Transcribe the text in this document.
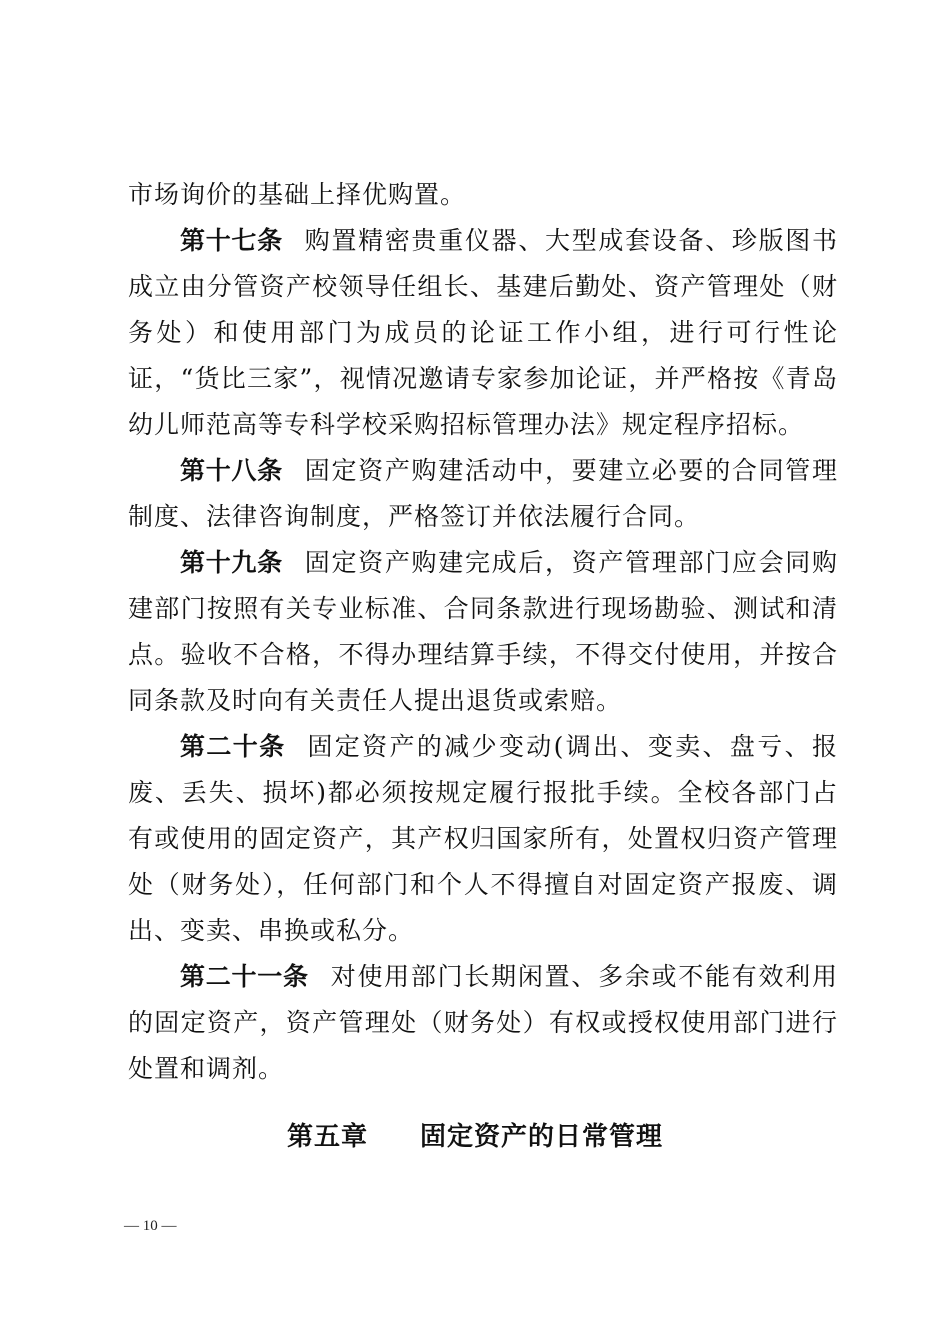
市场询价的基础上择优购置。

第十七条 购置精密贵重仪器、大型成套设备、珍版图书成立由分管资产校领导任组长、基建后勤处、资产管理处（财务处）和使用部门为成员的论证工作小组，进行可行性论证，“货比三家”，视情况邀请专家参加论证，并严格按《青岛幼儿师范高等专科学校采购招标管理办法》规定程序招标。

第十八条 固定资产购建活动中，要建立必要的合同管理制度、法律咨询制度，严格签订并依法履行合同。

第十九条 固定资产购建完成后，资产管理部门应会同购建部门按照有关专业标准、合同条款进行现场勘验、测试和清点。验收不合格，不得办理结算手续，不得交付使用，并按合同条款及时向有关责任人提出退货或索赔。

第二十条 固定资产的减少变动(调出、变卖、盘亏、报废、丢失、损坏)都必须按规定履行报批手续。全校各部门占有或使用的固定资产，其产权归国家所有，处置权归资产管理处（财务处），任何部门和个人不得擅自对固定资产报废、调出、变卖、串换或私分。

第二十一条 对使用部门长期闲置、多余或不能有效利用的固定资产，资产管理处（财务处）有权或授权使用部门进行处置和调剂。

第五章 固定资产的日常管理
— 10 —
